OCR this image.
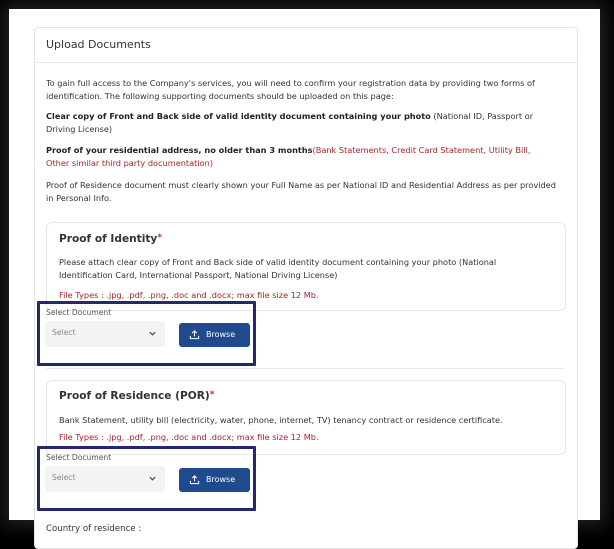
Upload Documents
To gain full access to the Company's services, you will need to confirm your registration data by providing two forms of identification. The following supporting documents should be uploaded on this page:
Clear copy of Front and Back side of valid identity document containing your photo (National ID, Passport or Driving License)
Proof of your residential address, no older than 3 months(Bank Statements, Credit Card Statement, Utility Bill, Other similar third party documentation)
Proof of Residence document must clearly shown your Full Name as per National ID and Residential Address as per provided in Personal Info.
Proof of Identity*
Please attach clear copy of Front and Back side of valid identity document containing your photo (National Identification Card, International Passport, National Driving License)
File Types : .jpg, .pdf, .png, .doc and .docx; max file size 12 Mb.
Proof of Residence (POR)*
Bank Statement, utility bill (electricity, water, phone, internet, TV) tenancy contract or residence certificate.
File Types : .jpg, .pdf, .png, .doc and .docx; max file size 12 Mb.
Country of residence :
Select Document
Select	Browse
Select Document
Select	Browse
